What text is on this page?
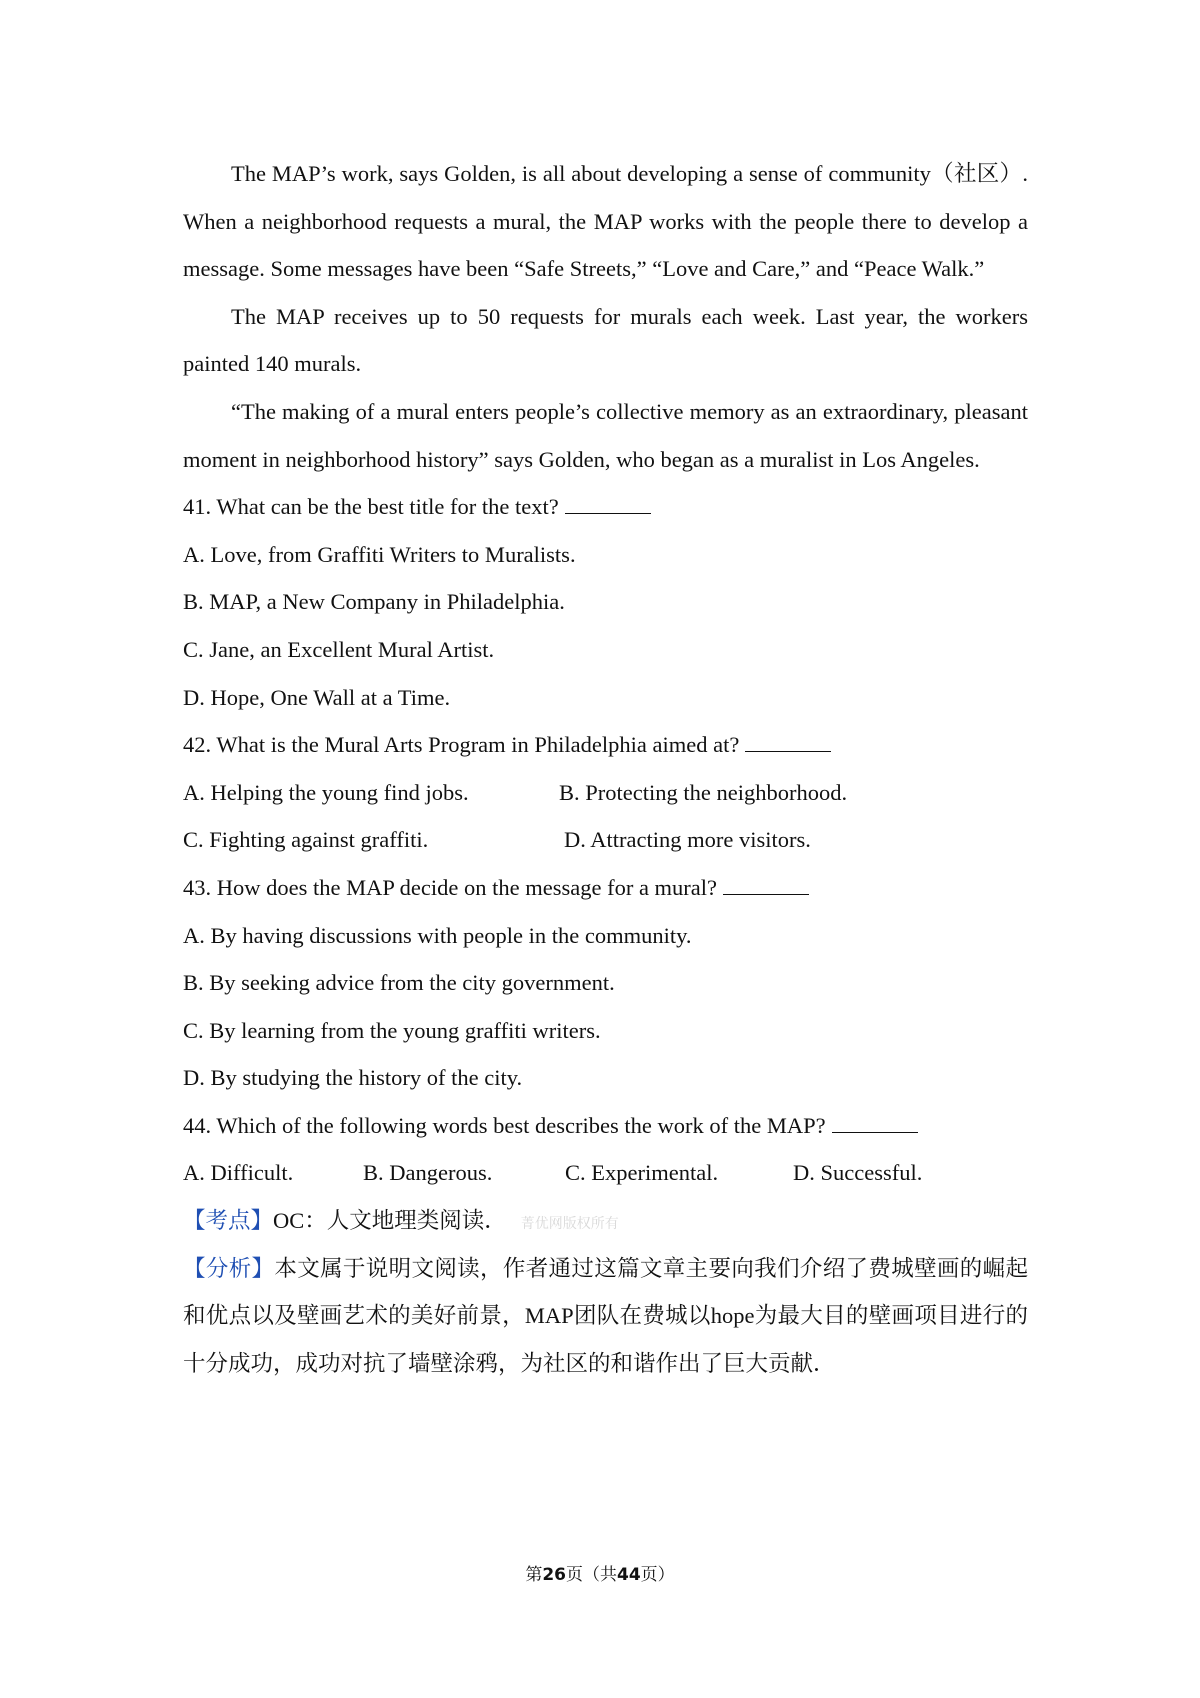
The MAP’s work, says Golden, is all about developing a sense of community（社区）. When a neighborhood requests a mural, the MAP works with the people there to develop a message. Some messages have been “Safe Streets,” “Love and Care,” and “Peace Walk.”

The MAP receives up to 50 requests for murals each week. Last year, the workers painted 140 murals.

“The making of a mural enters people’s collective memory as an extraordinary, pleasant moment in neighborhood history” says Golden, who began as a muralist in Los Angeles.

41. What can be the best title for the text?
A. Love, from Graffiti Writers to Muralists.
B. MAP, a New Company in Philadelphia.
C. Jane, an Excellent Mural Artist.
D. Hope, One Wall at a Time.
42. What is the Mural Arts Program in Philadelphia aimed at?
A. Helping the young find jobs.	B. Protecting the neighborhood.
C. Fighting against graffiti.	D. Attracting more visitors.
43. How does the MAP decide on the message for a mural?
A. By having discussions with people in the community.
B. By seeking advice from the city government.
C. By learning from the young graffiti writers.
D. By studying the history of the city.
44. Which of the following words best describes the work of the MAP?
A. Difficult.	B. Dangerous.	C. Experimental.	D. Successful.
【考点】OC：人文地理类阅读． 菁优网版权所有

【分析】本文属于说明文阅读，作者通过这篇文章主要向我们介绍了费城壁画的崛起和优点以及壁画艺术的美好前景，MAP团队在费城以hope为最大目的壁画项目进行的十分成功，成功对抗了墙壁涂鸦，为社区的和谐作出了巨大贡献．

第26页（共44页）
